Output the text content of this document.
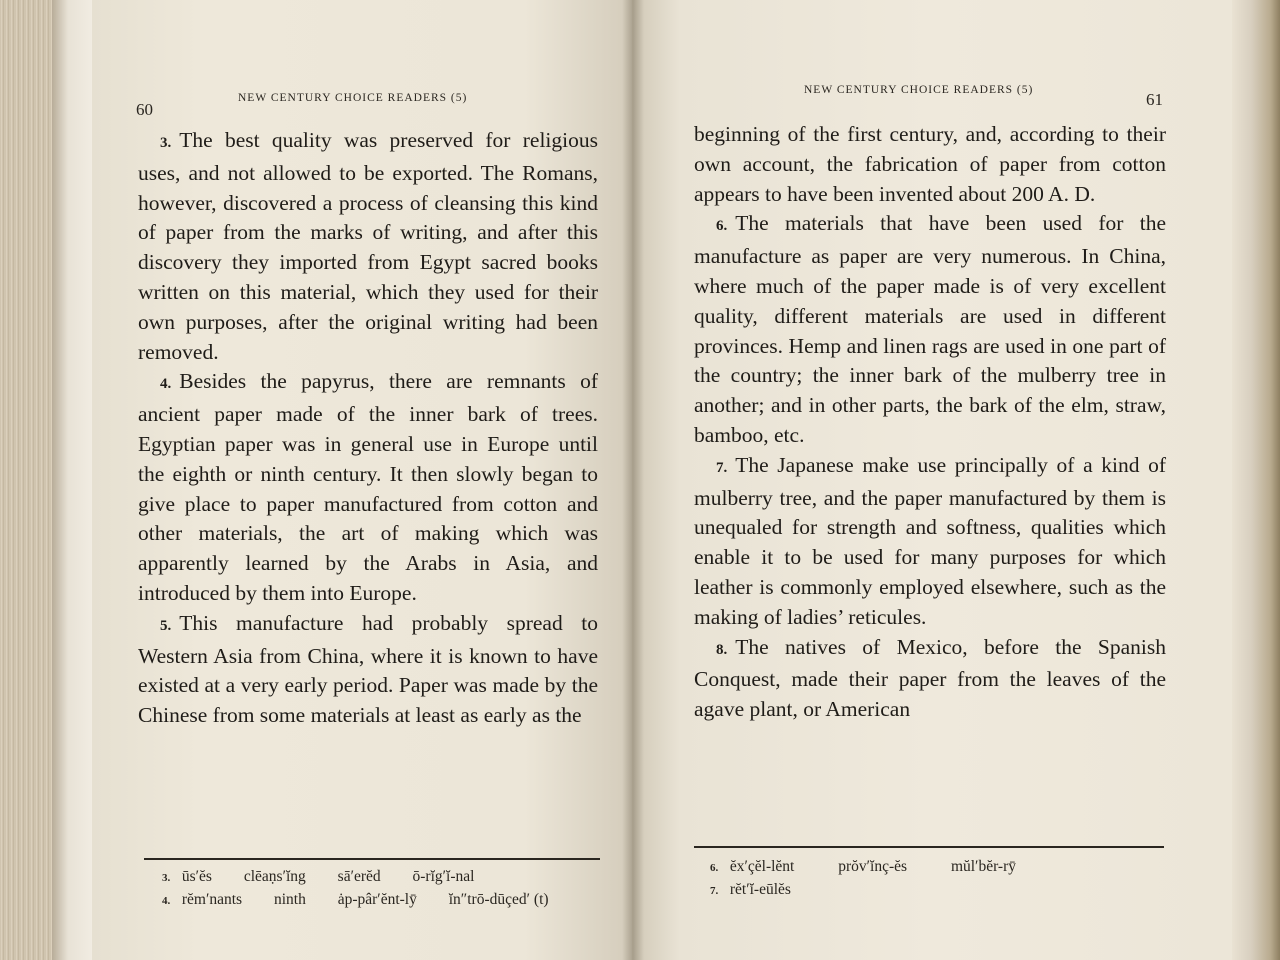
60
NEW CENTURY CHOICE READERS (5)

3. The best quality was preserved for religious uses, and not allowed to be exported. The Romans, however, discovered a process of cleansing this kind of paper from the marks of writing, and after this discovery they imported from Egypt sacred books written on this material, which they used for their own purposes, after the original writing had been removed.

4. Besides the papyrus, there are remnants of ancient paper made of the inner bark of trees. Egyptian paper was in general use in Europe until the eighth or ninth century. It then slowly began to give place to paper manufactured from cotton and other materials, the art of making which was apparently learned by the Arabs in Asia, and introduced by them into Europe.

5. This manufacture had probably spread to Western Asia from China, where it is known to have existed at a very early period. Paper was made by the Chinese from some materials at least as early as the

3. ūs′ĕs clēaṇs′ĭng sā′erĕd ō-rĭg′ĭ-nal
4. rĕm′nants ninth ȧp-pâr′ĕnt-lȳ ĭn″trō-dūçed′ (t)
NEW CENTURY CHOICE READERS (5)	61

beginning of the first century, and, according to their own account, the fabrication of paper from cotton appears to have been invented about 200 A. D.

6. The materials that have been used for the manufacture as paper are very numerous. In China, where much of the paper made is of very excellent quality, different materials are used in different provinces. Hemp and linen rags are used in one part of the country; the inner bark of the mulberry tree in another; and in other parts, the bark of the elm, straw, bamboo, etc.

7. The Japanese make use principally of a kind of mulberry tree, and the paper manufactured by them is unequaled for strength and softness, qualities which enable it to be used for many purposes for which leather is commonly employed elsewhere, such as the making of ladies’ reticules.

8. The natives of Mexico, before the Spanish Conquest, made their paper from the leaves of the agave plant, or American

6. ĕx′çĕl-lĕnt	prŏv′ĭnç-ĕs	mŭl′bĕr-rȳ
7. rĕt′ĭ-eūlĕs
